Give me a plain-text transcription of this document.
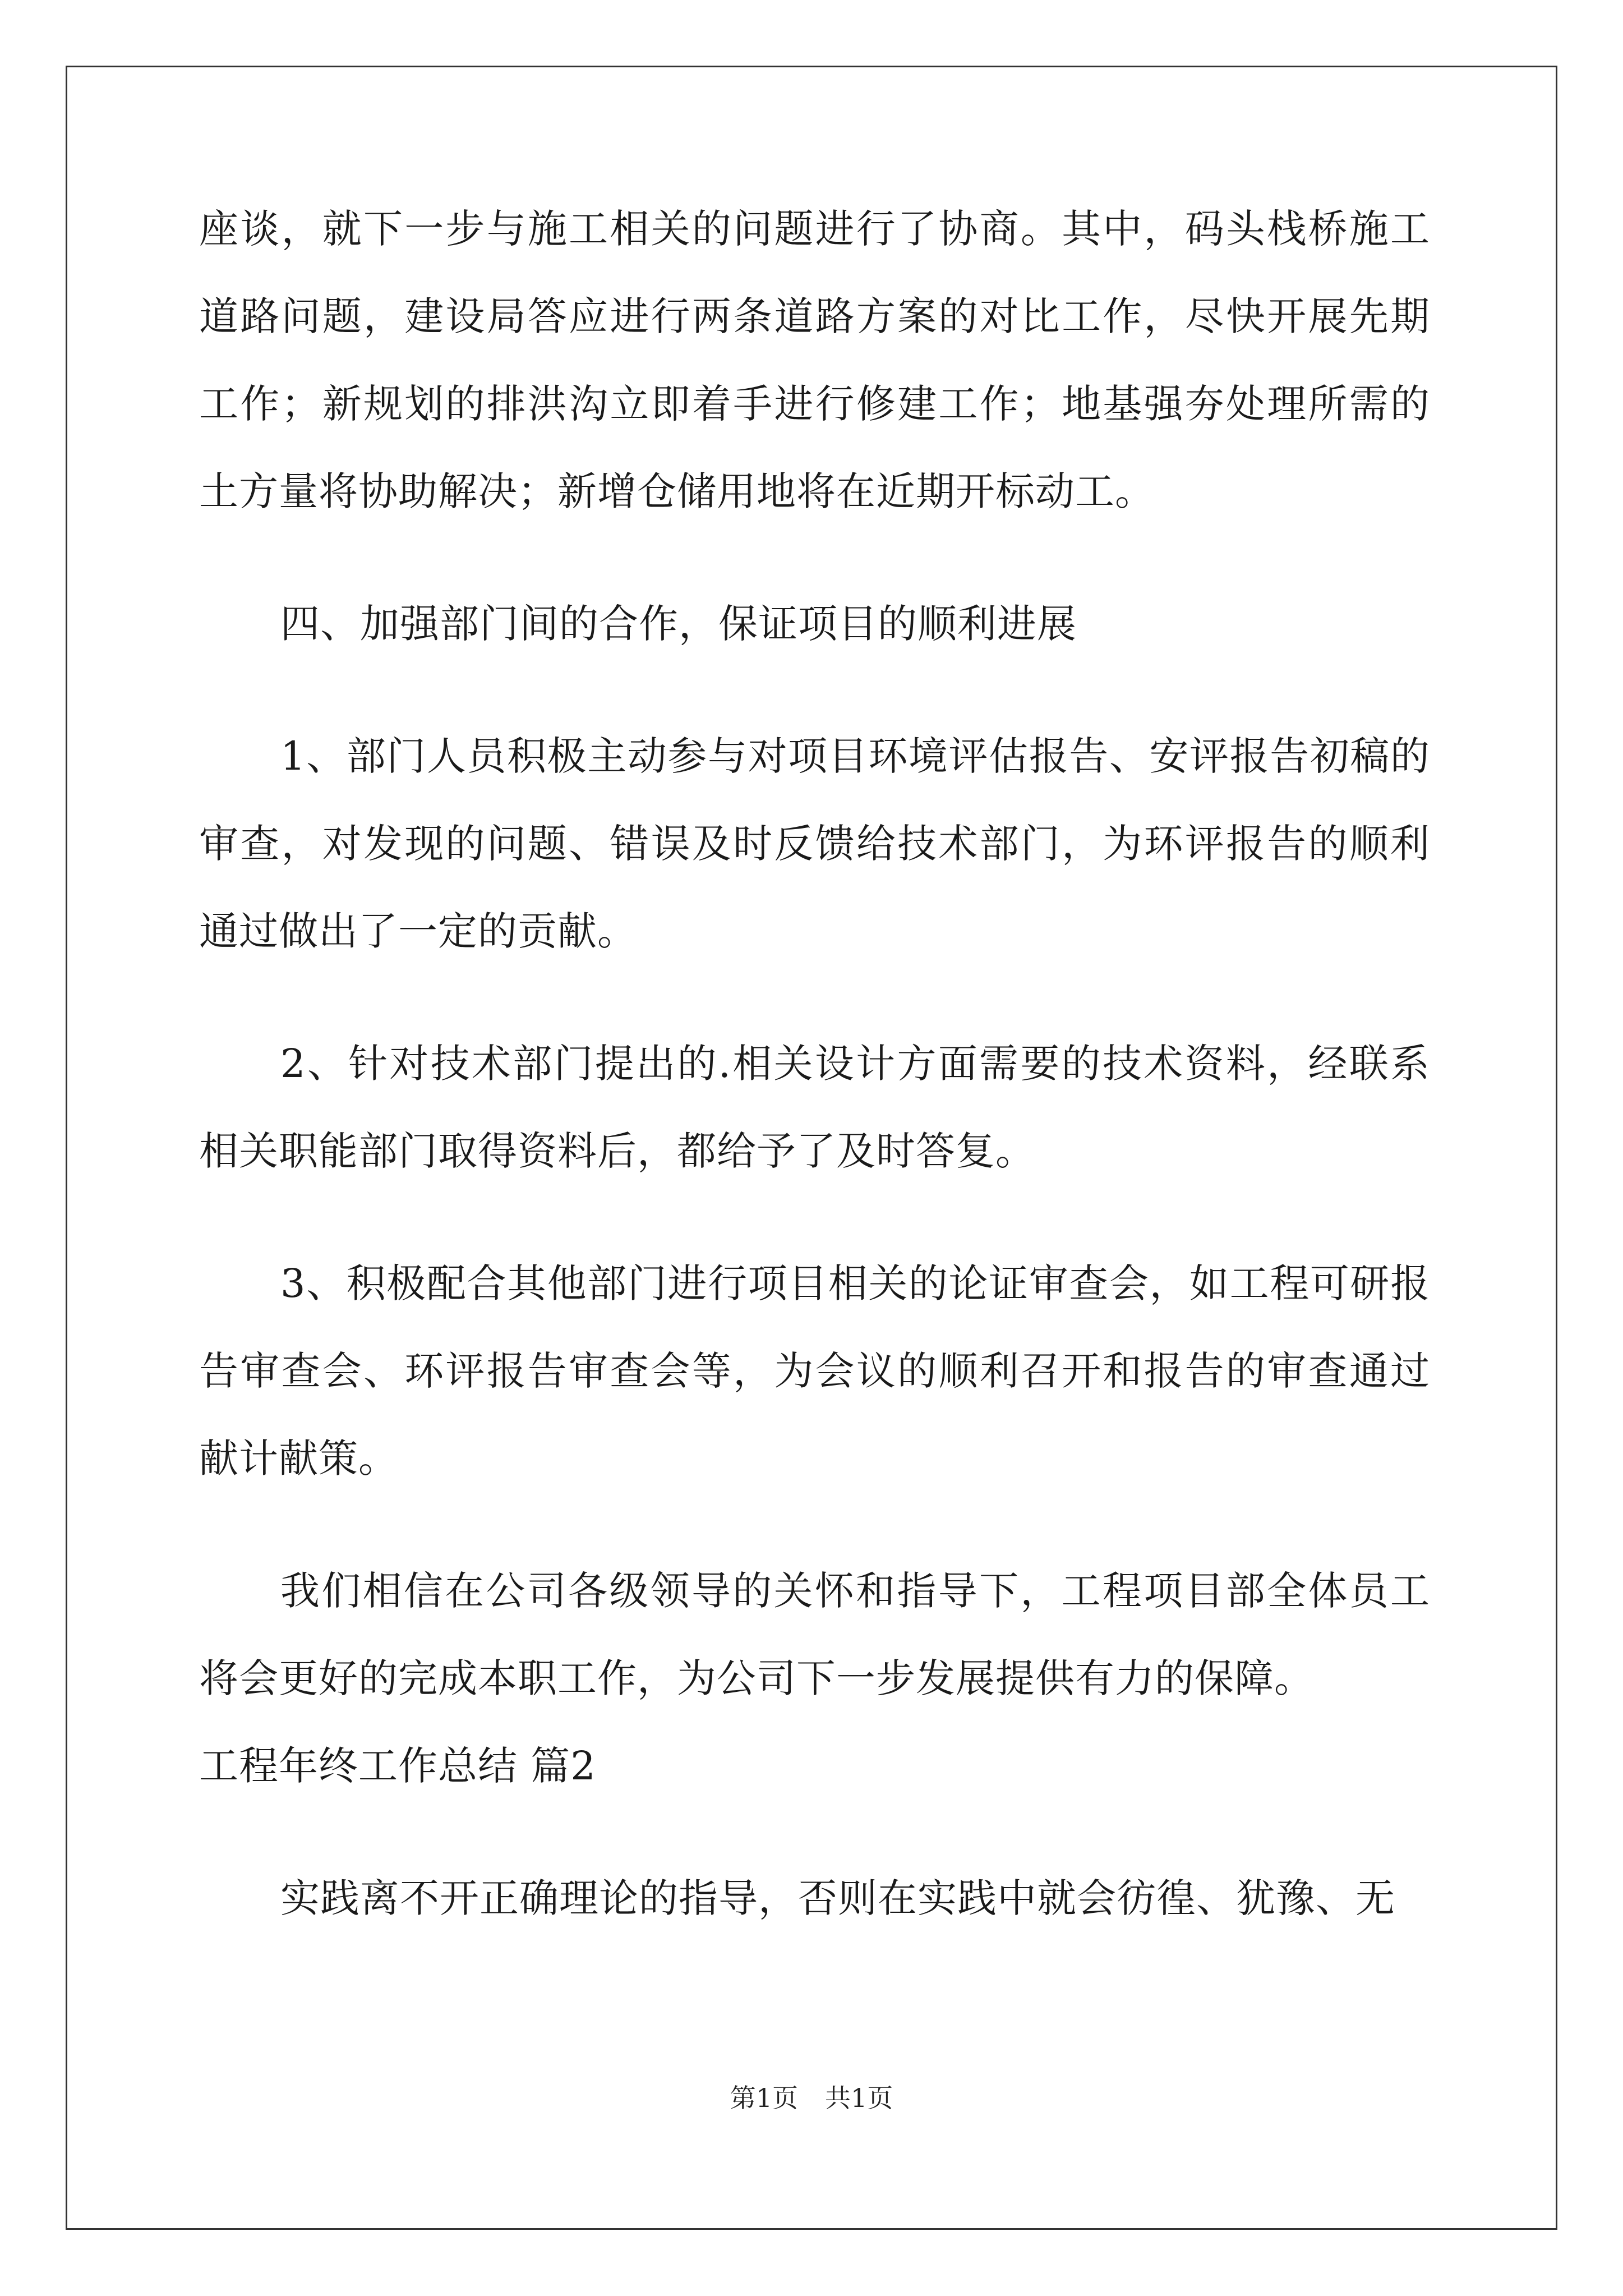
座谈，就下一步与施工相关的问题进行了协商。其中，码头栈桥施工道路问题，建设局答应进行两条道路方案的对比工作，尽快开展先期工作；新规划的排洪沟立即着手进行修建工作；地基强夯处理所需的土方量将协助解决；新增仓储用地将在近期开标动工。

四、加强部门间的合作，保证项目的顺利进展

1、部门人员积极主动参与对项目环境评估报告、安评报告初稿的审查，对发现的问题、错误及时反馈给技术部门，为环评报告的顺利通过做出了一定的贡献。

2、针对技术部门提出的.相关设计方面需要的技术资料，经联系相关职能部门取得资料后，都给予了及时答复。

3、积极配合其他部门进行项目相关的论证审查会，如工程可研报告审查会、环评报告审查会等，为会议的顺利召开和报告的审查通过献计献策。

我们相信在公司各级领导的关怀和指导下，工程项目部全体员工将会更好的完成本职工作，为公司下一步发展提供有力的保障。

工程年终工作总结 篇2

实践离不开正确理论的指导，否则在实践中就会彷徨、犹豫、无

第1页 共1页
